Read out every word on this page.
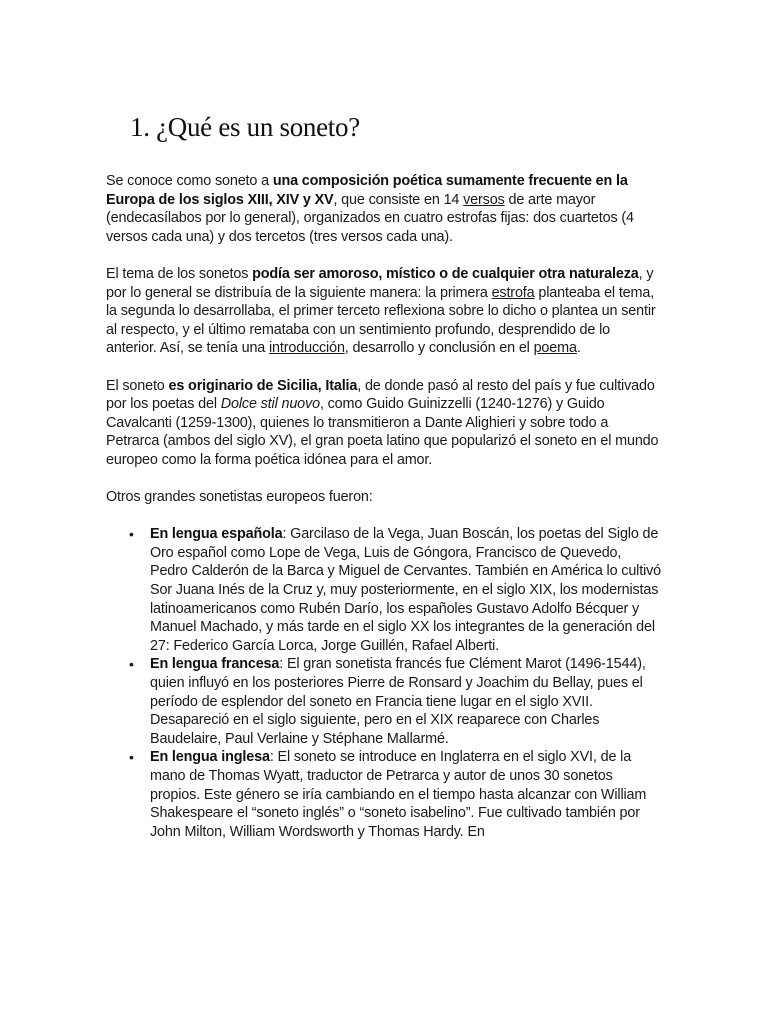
1. ¿Qué es un soneto?

Se conoce como soneto a una composición poética sumamente frecuente en la Europa de los siglos XIII, XIV y XV, que consiste en 14 versos de arte mayor (endecasílabos por lo general), organizados en cuatro estrofas fijas: dos cuartetos (4 versos cada una) y dos tercetos (tres versos cada una).

El tema de los sonetos podía ser amoroso, místico o de cualquier otra naturaleza, y por lo general se distribuía de la siguiente manera: la primera estrofa planteaba el tema, la segunda lo desarrollaba, el primer terceto reflexiona sobre lo dicho o plantea un sentir al respecto, y el último remataba con un sentimiento profundo, desprendido de lo anterior. Así, se tenía una introducción, desarrollo y conclusión en el poema.

El soneto es originario de Sicilia, Italia, de donde pasó al resto del país y fue cultivado por los poetas del Dolce stil nuovo, como Guido Guinizzelli (1240-1276) y Guido Cavalcanti (1259-1300), quienes lo transmitieron a Dante Alighieri y sobre todo a Petrarca (ambos del siglo XV), el gran poeta latino que popularizó el soneto en el mundo europeo como la forma poética idónea para el amor.

Otros grandes sonetistas europeos fueron:

• En lengua española: Garcilaso de la Vega, Juan Boscán, los poetas del Siglo de Oro español como Lope de Vega, Luis de Góngora, Francisco de Quevedo, Pedro Calderón de la Barca y Miguel de Cervantes. También en América lo cultivó Sor Juana Inés de la Cruz y, muy posteriormente, en el siglo XIX, los modernistas latinoamericanos como Rubén Darío, los españoles Gustavo Adolfo Bécquer y Manuel Machado, y más tarde en el siglo XX los integrantes de la generación del 27: Federico García Lorca, Jorge Guillén, Rafael Alberti.
• En lengua francesa: El gran sonetista francés fue Clément Marot (1496-1544), quien influyó en los posteriores Pierre de Ronsard y Joachim du Bellay, pues el período de esplendor del soneto en Francia tiene lugar en el siglo XVII. Desapareció en el siglo siguiente, pero en el XIX reaparece con Charles Baudelaire, Paul Verlaine y Stéphane Mallarmé.
• En lengua inglesa: El soneto se introduce en Inglaterra en el siglo XVI, de la mano de Thomas Wyatt, traductor de Petrarca y autor de unos 30 sonetos propios. Este género se iría cambiando en el tiempo hasta alcanzar con William Shakespeare el “soneto inglés” o “soneto isabelino”. Fue cultivado también por John Milton, William Wordsworth y Thomas Hardy. En
